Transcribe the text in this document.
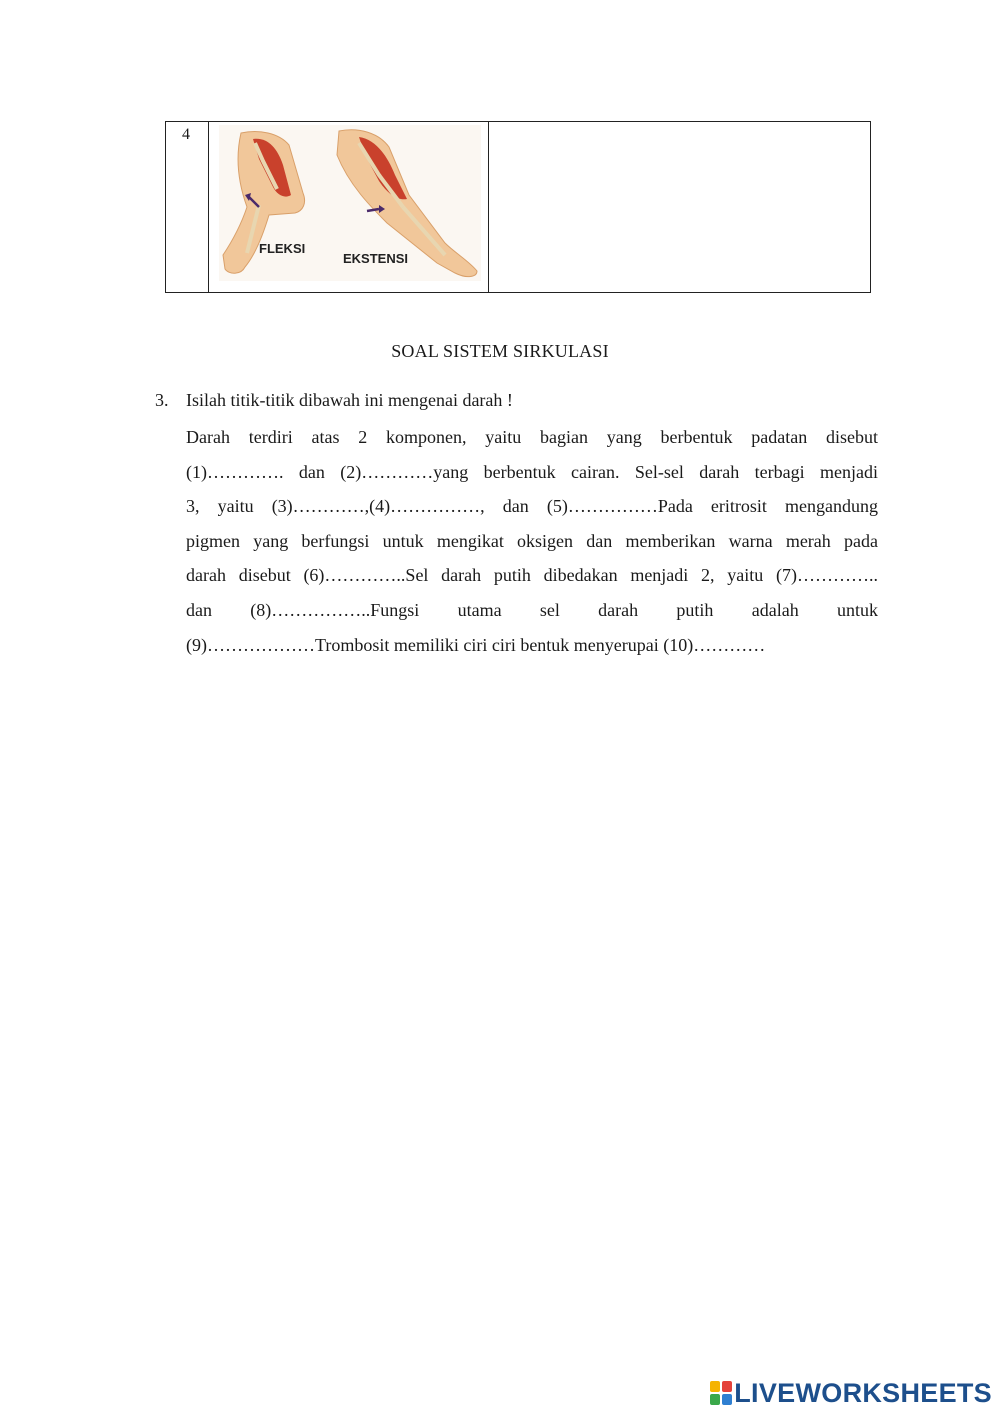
4
FLEKSI
EKSTENSI
SOAL SISTEM SIRKULASI
3. Isilah titik-titik dibawah ini mengenai darah !
Darah terdiri atas 2 komponen, yaitu bagian yang berbentuk padatan disebut
(1)…………. dan (2)…………yang berbentuk cairan. Sel-sel darah terbagi menjadi
3, yaitu (3)…………,(4)……………, dan (5)……………Pada eritrosit mengandung
pigmen yang berfungsi untuk mengikat oksigen dan memberikan warna merah pada
darah disebut (6)…………..Sel darah putih dibedakan menjadi 2, yaitu (7)…………..
dan (8)……………..Fungsi utama sel darah putih adalah untuk
(9)………………Trombosit memiliki ciri ciri bentuk menyerupai (10)…………
LIVEWORKSHEETS
